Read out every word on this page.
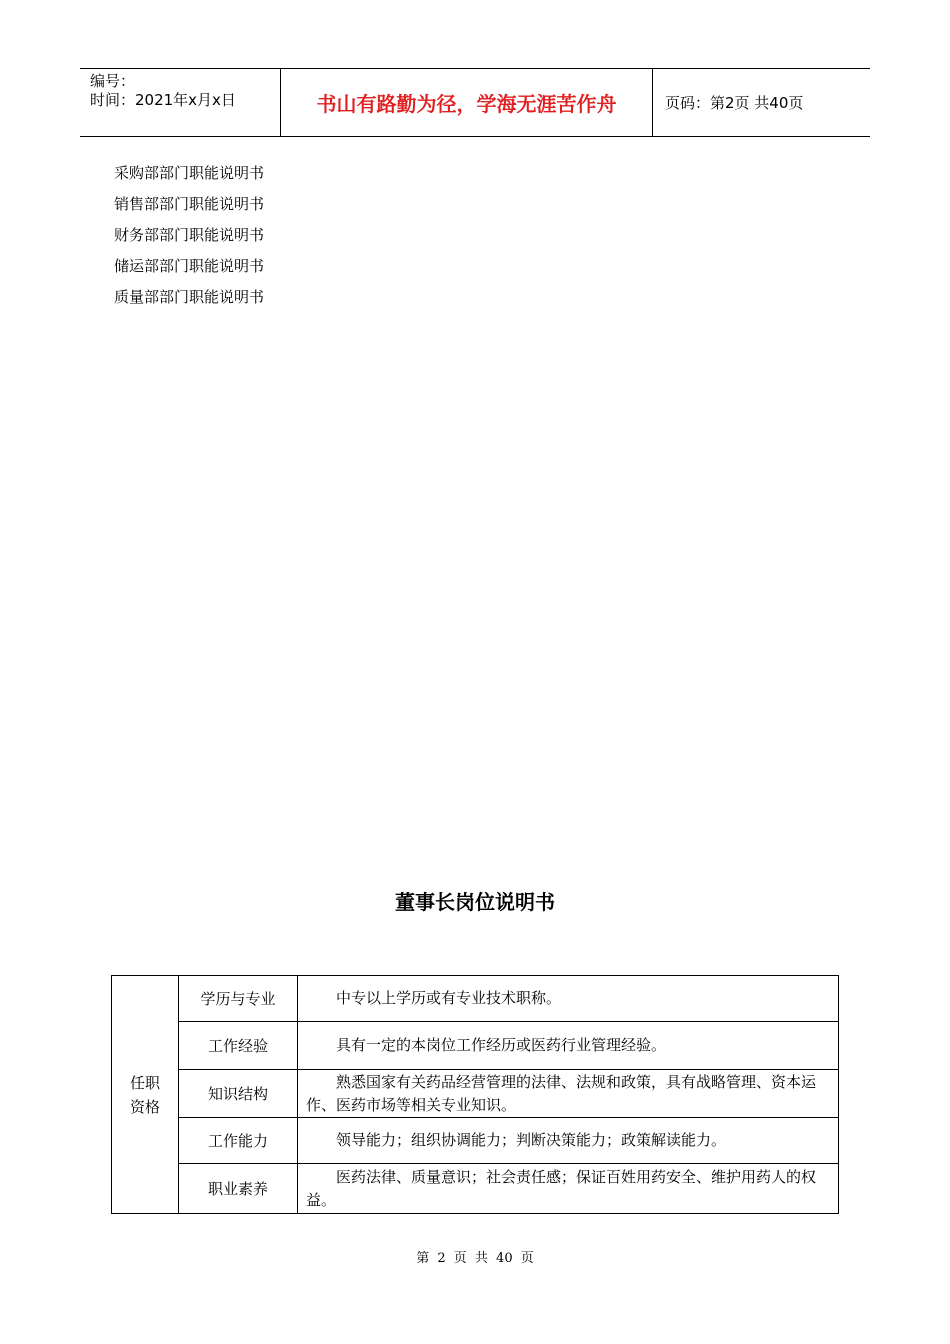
编号：
时间：2021年x月x日	书山有路勤为径，学海无涯苦作舟	页码：第2页 共40页
采购部部门职能说明书
销售部部门职能说明书
财务部部门职能说明书
储运部部门职能说明书
质量部部门职能说明书
董事长岗位说明书
任职
资格	学历与专业	中专以上学历或有专业技术职称。
	工作经验	具有一定的本岗位工作经历或医药行业管理经验。
	知识结构	熟悉国家有关药品经营管理的法律、法规和政策，具有战略管理、资本运作、医药市场等相关专业知识。
	工作能力	领导能力；组织协调能力；判断决策能力；政策解读能力。
	职业素养	医药法律、质量意识；社会责任感；保证百姓用药安全、维护用药人的权益。
第 2 页 共 40 页
